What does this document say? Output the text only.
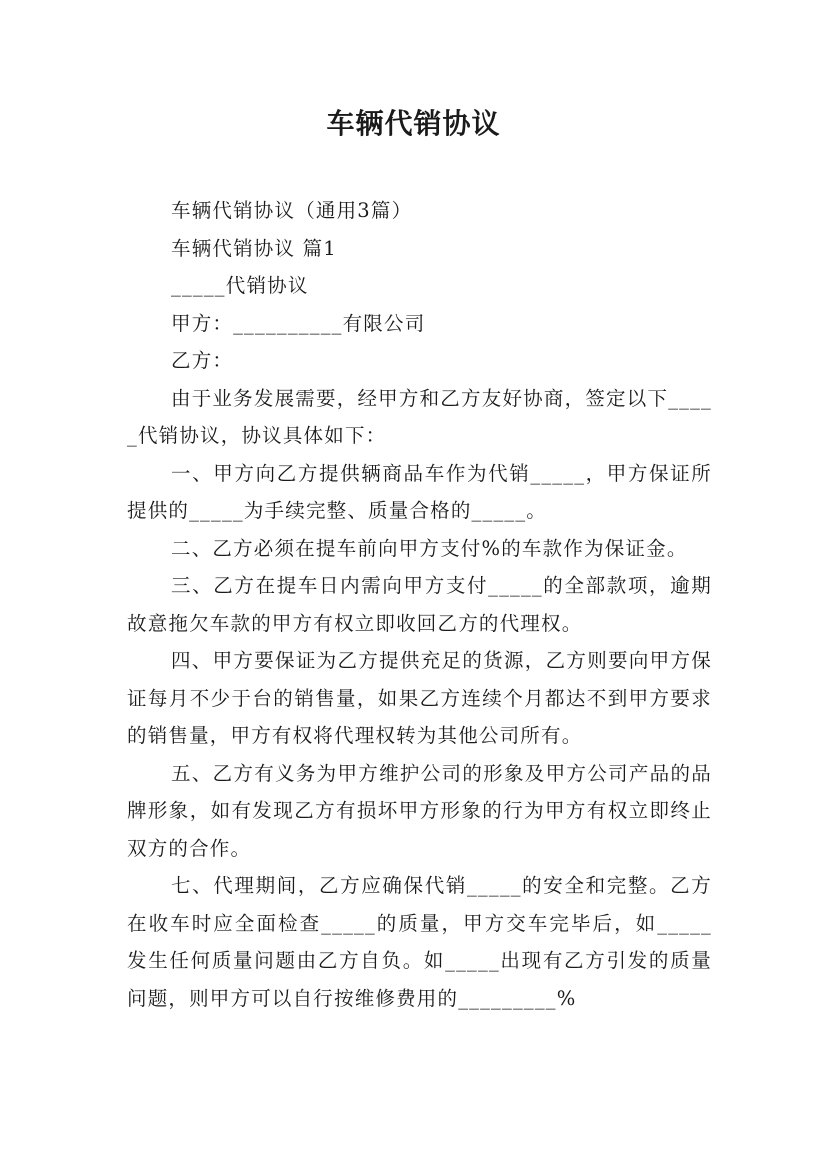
车辆代销协议

车辆代销协议（通用3篇）

车辆代销协议 篇1

_____代销协议

甲方：__________有限公司

乙方：

由于业务发展需要，经甲方和乙方友好协商，签定以下_____代销协议，协议具体如下：

一、甲方向乙方提供辆商品车作为代销_____，甲方保证所提供的_____为手续完整、质量合格的_____。

二、乙方必须在提车前向甲方支付%的车款作为保证金。

三、乙方在提车日内需向甲方支付_____的全部款项，逾期故意拖欠车款的甲方有权立即收回乙方的代理权。

四、甲方要保证为乙方提供充足的货源，乙方则要向甲方保证每月不少于台的销售量，如果乙方连续个月都达不到甲方要求的销售量，甲方有权将代理权转为其他公司所有。

五、乙方有义务为甲方维护公司的形象及甲方公司产品的品牌形象，如有发现乙方有损坏甲方形象的行为甲方有权立即终止双方的合作。

七、代理期间，乙方应确保代销_____的安全和完整。乙方在收车时应全面检查_____的质量，甲方交车完毕后，如_____发生任何质量问题由乙方自负。如_____出现有乙方引发的质量问题，则甲方可以自行按维修费用的_________%
